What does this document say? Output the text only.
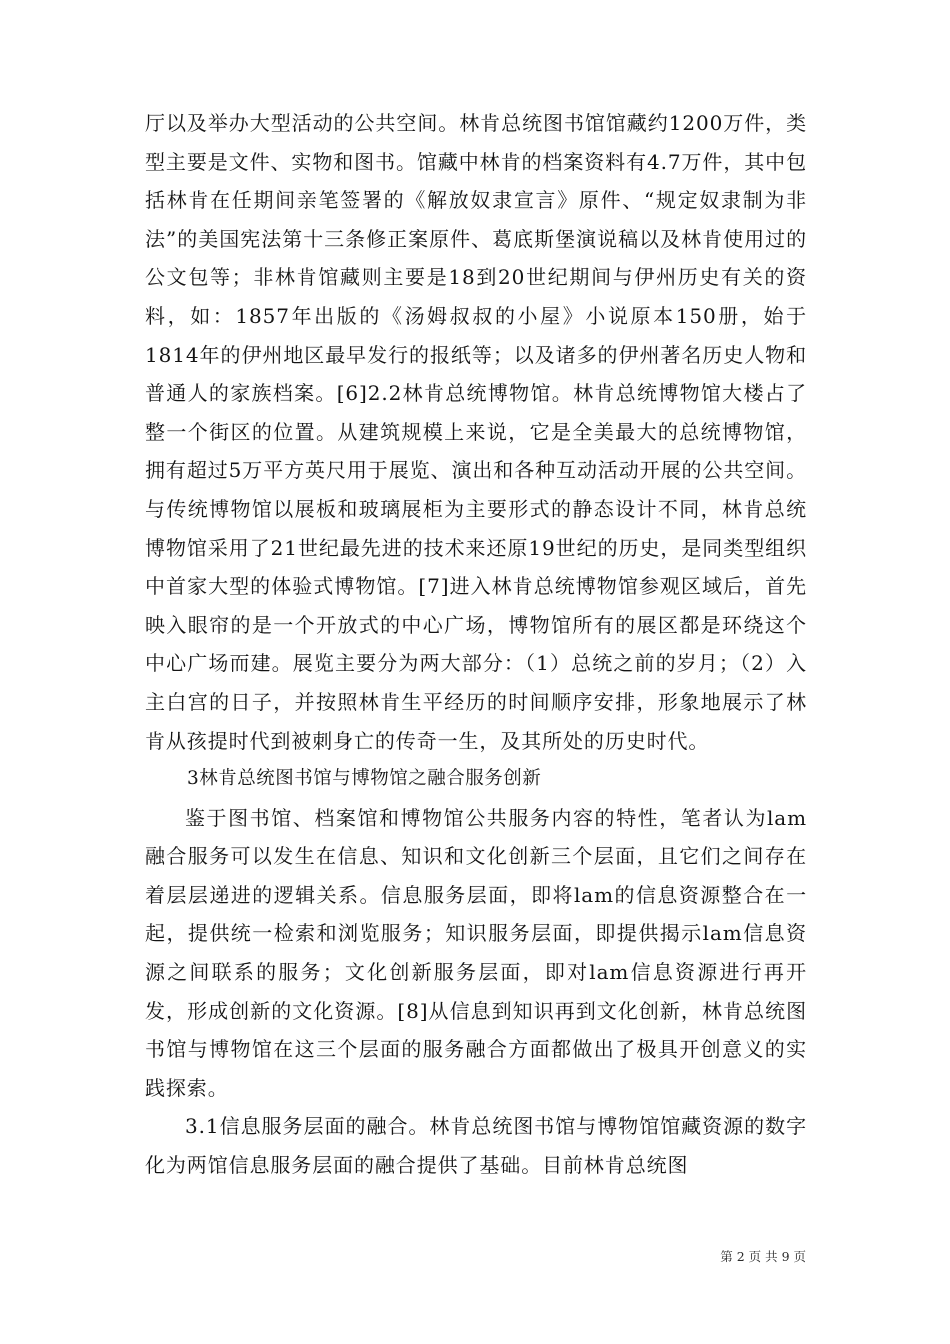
厅以及举办大型活动的公共空间。林肯总统图书馆馆藏约1200万件，类型主要是文件、实物和图书。馆藏中林肯的档案资料有4.7万件，其中包括林肯在任期间亲笔签署的《解放奴隶宣言》原件、“规定奴隶制为非法”的美国宪法第十三条修正案原件、葛底斯堡演说稿以及林肯使用过的公文包等；非林肯馆藏则主要是18到20世纪期间与伊州历史有关的资料，如：1857年出版的《汤姆叔叔的小屋》小说原本150册，始于1814年的伊州地区最早发行的报纸等；以及诸多的伊州著名历史人物和普通人的家族档案。[6]2.2林肯总统博物馆。林肯总统博物馆大楼占了整一个街区的位置。从建筑规模上来说，它是全美最大的总统博物馆，拥有超过5万平方英尺用于展览、演出和各种互动活动开展的公共空间。与传统博物馆以展板和玻璃展柜为主要形式的静态设计不同，林肯总统博物馆采用了21世纪最先进的技术来还原19世纪的历史，是同类型组织中首家大型的体验式博物馆。[7]进入林肯总统博物馆参观区域后，首先映入眼帘的是一个开放式的中心广场，博物馆所有的展区都是环绕这个中心广场而建。展览主要分为两大部分：（1）总统之前的岁月；（2）入主白宫的日子，并按照林肯生平经历的时间顺序安排，形象地展示了林肯从孩提时代到被刺身亡的传奇一生，及其所处的历史时代。

3林肯总统图书馆与博物馆之融合服务创新

鉴于图书馆、档案馆和博物馆公共服务内容的特性，笔者认为lam融合服务可以发生在信息、知识和文化创新三个层面，且它们之间存在着层层递进的逻辑关系。信息服务层面，即将lam的信息资源整合在一起，提供统一检索和浏览服务；知识服务层面，即提供揭示lam信息资源之间联系的服务；文化创新服务层面，即对lam信息资源进行再开发，形成创新的文化资源。[8]从信息到知识再到文化创新，林肯总统图书馆与博物馆在这三个层面的服务融合方面都做出了极具开创意义的实践探索。

3.1信息服务层面的融合。林肯总统图书馆与博物馆馆藏资源的数字化为两馆信息服务层面的融合提供了基础。目前林肯总统图

第 2 页 共 9 页
